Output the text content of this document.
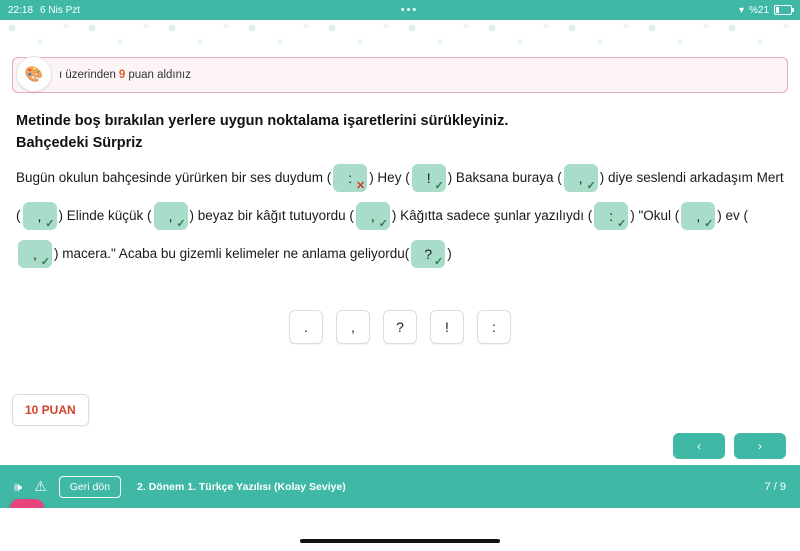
22:18 6 Nis Pzt	•••	▾ %21
ı üzerinden 9 puan aldınız
🎨
Metinde boş bırakılan yerlere uygun noktalama işaretlerini sürükleyiniz.
Bahçedeki Sürpriz
Bugün okulun bahçesinde yürürken bir ses duydum ( : ✕
) Hey ( ! ✓
) Baksana buraya ( , ✓
) diye seslendi arkadaşım Mert ( , ✓
) Elinde küçük ( , ✓
) beyaz bir kâğıt tutuyordu ( , ✓
) Kâğıtta sadece şunlar yazılıydı ( : ✓
) "Okul ( , ✓
) ev (
, ✓
) macera." Acaba bu gizemli kelimeler ne anlama geliyordu( ? ✓
)
.	,	?	!	:
10 PUAN
‹	›
🕪 ⚠	Geri dön	2. Dönem 1. Türkçe Yazılısı (Kolay Seviye)	7 / 9
